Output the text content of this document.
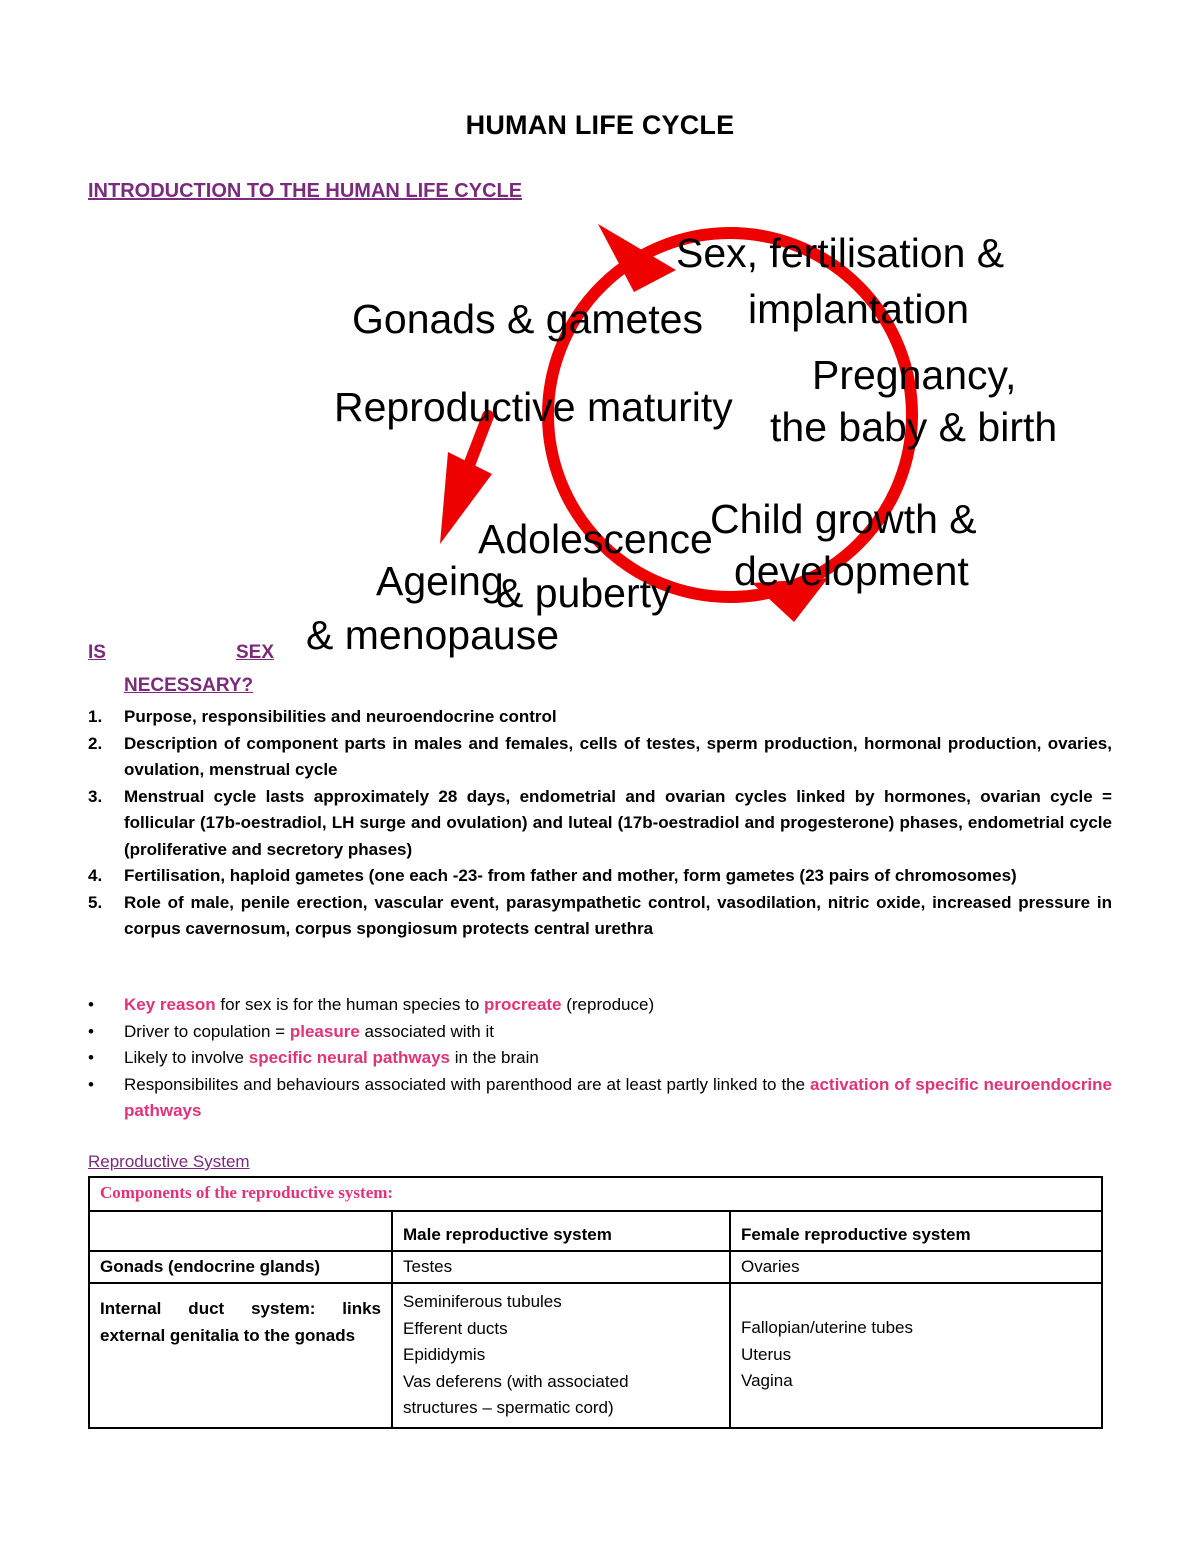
HUMAN LIFE CYCLE
INTRODUCTION TO THE HUMAN LIFE CYCLE
Sex, fertilisation &
implantation
Gonads & gametes
Pregnancy,
the baby & birth
Reproductive maturity
Child growth &
development
Adolescence
& puberty
Ageing
& menopause
IS	SEX
NECESSARY?
1. Purpose, responsibilities and neuroendocrine control
2. Description of component parts in males and females, cells of testes, sperm production, hormonal production, ovaries, ovulation, menstrual cycle
3. Menstrual cycle lasts approximately 28 days, endometrial and ovarian cycles linked by hormones, ovarian cycle = follicular (17b-oestradiol, LH surge and ovulation) and luteal (17b-oestradiol and progesterone) phases, endometrial cycle (proliferative and secretory phases)
4. Fertilisation, haploid gametes (one each -23- from father and mother, form gametes (23 pairs of chromosomes)
5. Role of male, penile erection, vascular event, parasympathetic control, vasodilation, nitric oxide, increased pressure in corpus cavernosum, corpus spongiosum protects central urethra
• Key reason for sex is for the human species to procreate (reproduce)
• Driver to copulation = pleasure associated with it
• Likely to involve specific neural pathways in the brain
• Responsibilites and behaviours associated with parenthood are at least partly linked to the activation of specific neuroendocrine pathways
Reproductive System
Components of the reproductive system:		
	Male reproductive system	Female reproductive system
Gonads (endocrine glands)	Testes	Ovaries
Internal duct system: links external genitalia to the gonads	Seminiferous tubules
Efferent ducts
Epididymis
Vas deferens (with associated
structures – spermatic cord)	Fallopian/uterine tubes
Uterus
Vagina
